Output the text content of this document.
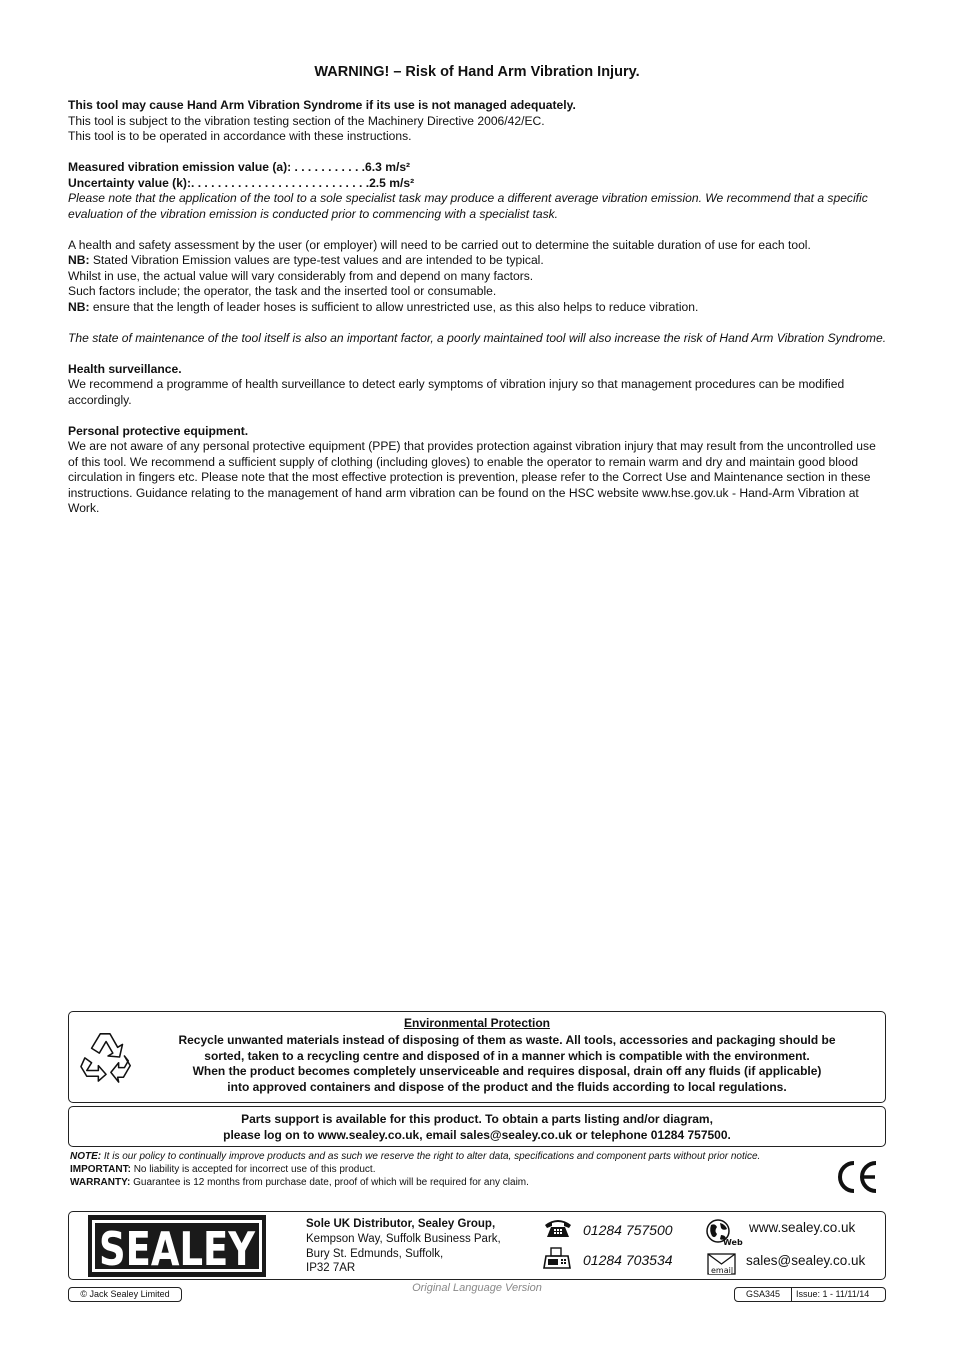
WARNING! – Risk of Hand Arm Vibration Injury.

This tool may cause Hand Arm Vibration Syndrome if its use is not managed adequately.

This tool is subject to the vibration testing section of the Machinery Directive 2006/42/EC.

This tool is to be operated in accordance with these instructions.

Measured vibration emission value (a): . . . . . . . . . . .6.3 m/s²

Uncertainty value (k):. . . . . . . . . . . . . . . . . . . . . . . . . . .2.5 m/s²

Please note that the application of the tool to a sole specialist task may produce a different average vibration emission. We recommend that a specific evaluation of the vibration emission is conducted prior to commencing with a specialist task.

A health and safety assessment by the user (or employer) will need to be carried out to determine the suitable duration of use for each tool.

NB: Stated Vibration Emission values are type-test values and are intended to be typical.

Whilst in use, the actual value will vary considerably from and depend on many factors.

Such factors include; the operator, the task and the inserted tool or consumable.

NB: ensure that the length of leader hoses is sufficient to allow unrestricted use, as this also helps to reduce vibration.

The state of maintenance of the tool itself is also an important factor, a poorly maintained tool will also increase the risk of Hand Arm Vibration Syndrome.

Health surveillance.

We recommend a programme of health surveillance to detect early symptoms of vibration injury so that management procedures can be modified accordingly.

Personal protective equipment.

We are not aware of any personal protective equipment (PPE) that provides protection against vibration injury that may result from the uncontrolled use of this tool. We recommend a sufficient supply of clothing (including gloves) to enable the operator to remain warm and dry and maintain good blood circulation in fingers etc. Please note that the most effective protection is prevention, please refer to the Correct Use and Maintenance section in these instructions. Guidance relating to the management of hand arm vibration can be found on the HSC website www.hse.gov.uk - Hand-Arm Vibration at Work.

Environmental Protection
Recycle unwanted materials instead of disposing of them as waste. All tools, accessories and packaging should be
sorted, taken to a recycling centre and disposed of in a manner which is compatible with the environment.
When the product becomes completely unserviceable and requires disposal, drain off any fluids (if applicable)
into approved containers and dispose of the product and the fluids according to local regulations.
Parts support is available for this product. To obtain a parts listing and/or diagram,
please log on to www.sealey.co.uk, email sales@sealey.co.uk or telephone 01284 757500.
NOTE: It is our policy to continually improve products and as such we reserve the right to alter data, specifications and component parts without prior notice.
IMPORTANT: No liability is accepted for incorrect use of this product.
WARRANTY: Guarantee is 12 months from purchase date, proof of which will be required for any claim.
SEALEY	Sole UK Distributor, Sealey Group,
Kempson Way, Suffolk Business Park,
Bury St. Edmunds, Suffolk,
IP32 7AR
01284 757500
01284 703534
Web
www.sealey.co.uk
email
sales@sealey.co.uk
© Jack Sealey Limited	Original Language Version	GSA345	Issue: 1 - 11/11/14
